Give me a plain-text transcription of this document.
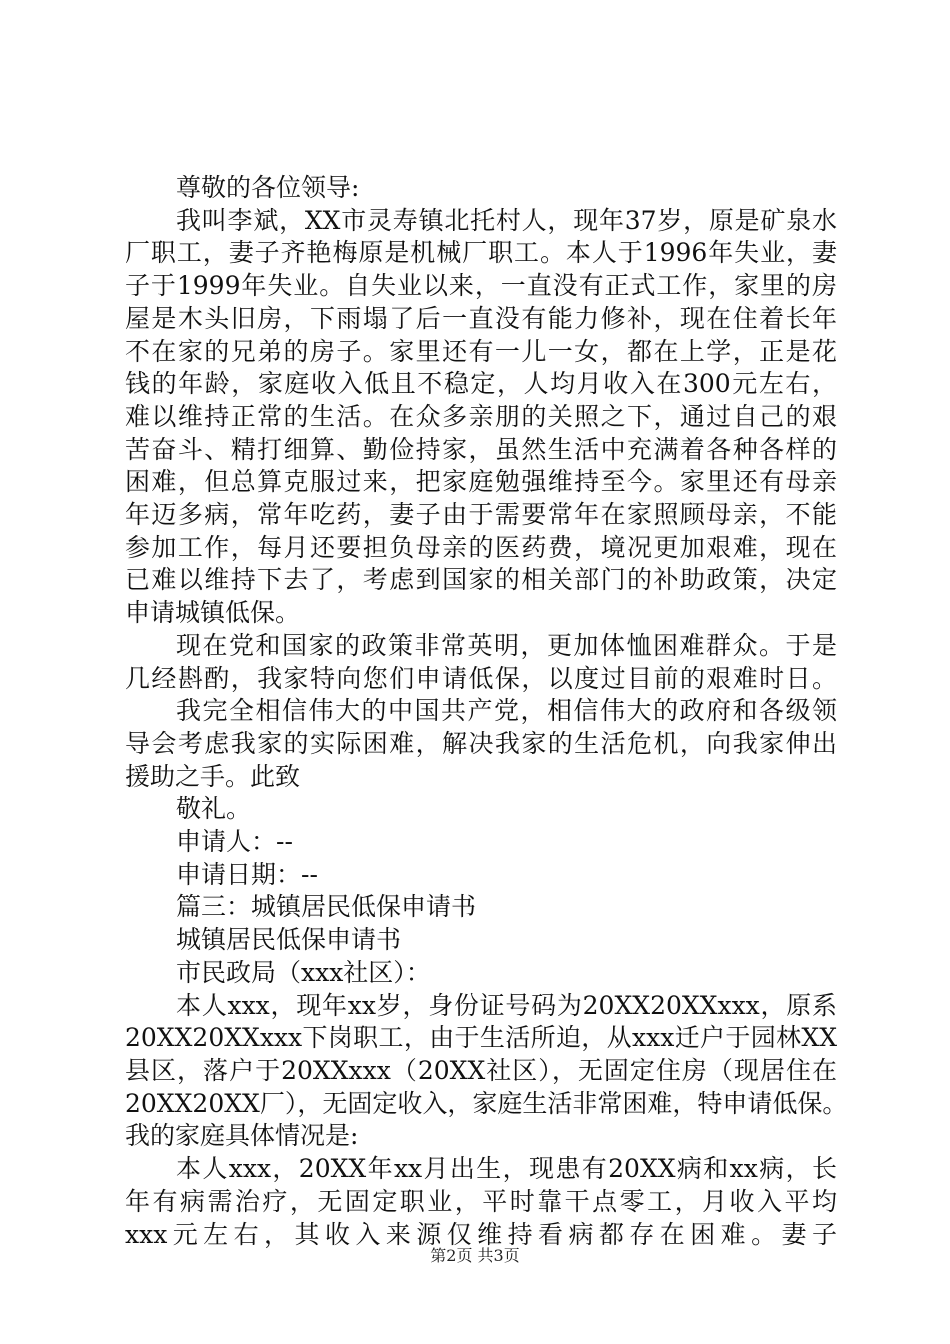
尊敬的各位领导:

我叫李斌，XX市灵寿镇北托村人，现年37岁，原是矿泉水

厂职工，妻子齐艳梅原是机械厂职工。本人于1996年失业，妻

子于1999年失业。自失业以来，一直没有正式工作，家里的房

屋是木头旧房，下雨塌了后一直没有能力修补，现在住着长年

不在家的兄弟的房子。家里还有一儿一女，都在上学，正是花

钱的年龄，家庭收入低且不稳定，人均月收入在300元左右，

难以维持正常的生活。在众多亲朋的关照之下，通过自己的艰

苦奋斗、精打细算、勤俭持家，虽然生活中充满着各种各样的

困难，但总算克服过来，把家庭勉强维持至今。家里还有母亲

年迈多病，常年吃药，妻子由于需要常年在家照顾母亲，不能

参加工作，每月还要担负母亲的医药费，境况更加艰难，现在

已难以维持下去了，考虑到国家的相关部门的补助政策，决定

申请城镇低保。

现在党和国家的政策非常英明，更加体恤困难群众。于是

几经斟酌，我家特向您们申请低保，以度过目前的艰难时日。

我完全相信伟大的中国共产党，相信伟大的政府和各级领

导会考虑我家的实际困难，解决我家的生活危机，向我家伸出

援助之手。此致

敬礼。

申请人：--

申请日期：--

篇三：城镇居民低保申请书

城镇居民低保申请书

市民政局（xxx社区）：

本人xxx，现年xx岁，身份证号码为20XX20XXxxx，原系

20XX20XXxxx下岗职工，由于生活所迫，从xxx迁户于园林XX

县区，落户于20XXxxx（20XX社区），无固定住房（现居住在

20XX20XX厂），无固定收入，家庭生活非常困难，特申请低保。

我的家庭具体情况是:

本人xxx，20XX年xx月出生，现患有20XX病和xx病，长

年有病需治疗，无固定职业，平时靠干点零工，月收入平均

xxx元左右，其收入来源仅维持看病都存在困难。妻子

第2页 共3页
